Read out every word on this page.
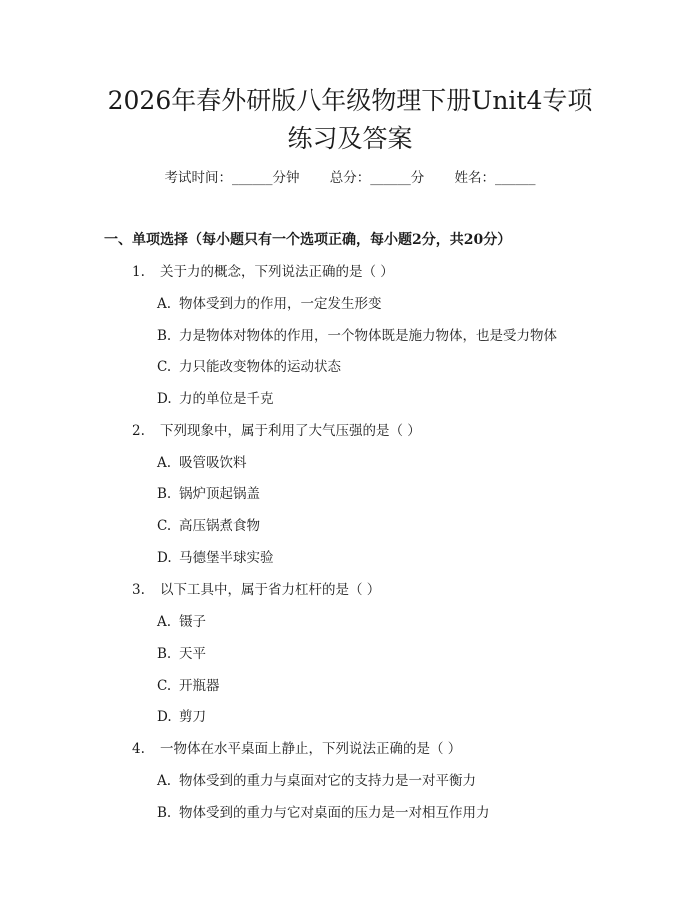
2026年春外研版八年级物理下册Unit4专项
练习及答案
考试时间：______分钟 总分：______分 姓名：______
一、单项选择（每小题只有一个选项正确，每小题2分，共20分）
1. 关于力的概念，下列说法正确的是（ ）
A. 物体受到力的作用，一定发生形变
B. 力是物体对物体的作用，一个物体既是施力物体，也是受力物体
C. 力只能改变物体的运动状态
D. 力的单位是千克
2. 下列现象中，属于利用了大气压强的是（ ）
A. 吸管吸饮料
B. 锅炉顶起锅盖
C. 高压锅煮食物
D. 马德堡半球实验
3. 以下工具中，属于省力杠杆的是（ ）
A. 镊子
B. 天平
C. 开瓶器
D. 剪刀
4. 一物体在水平桌面上静止，下列说法正确的是（ ）
A. 物体受到的重力与桌面对它的支持力是一对平衡力
B. 物体受到的重力与它对桌面的压力是一对相互作用力
